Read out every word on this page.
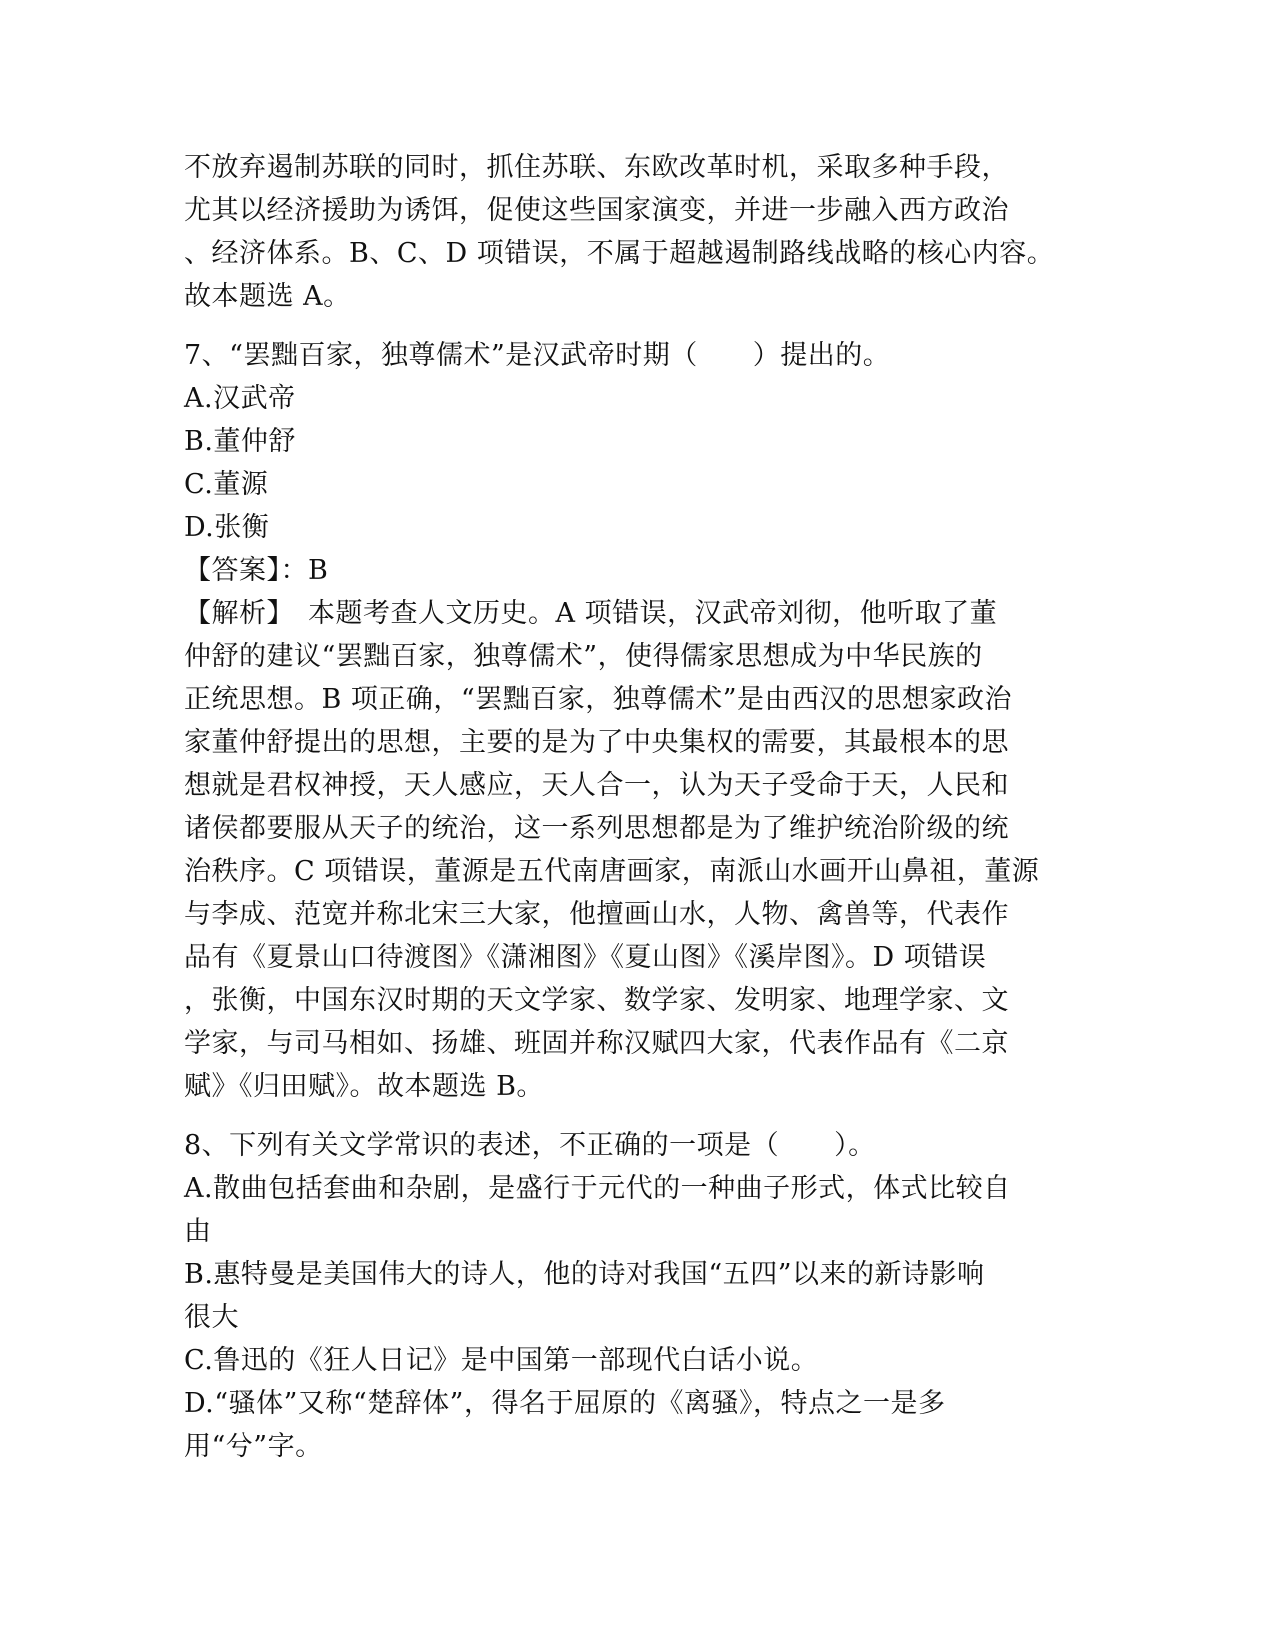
不放弃遏制苏联的同时，抓住苏联、东欧改革时机，采取多种手段，
尤其以经济援助为诱饵，促使这些国家演变，并进一步融入西方政治
、经济体系。B、C、D 项错误，不属于超越遏制路线战略的核心内容。
故本题选 A。
7、“罢黜百家，独尊儒术”是汉武帝时期（　　）提出的。
A.汉武帝
B.董仲舒
C.董源
D.张衡
【答案】：B
【解析】　本题考查人文历史。A 项错误，汉武帝刘彻，他听取了董
仲舒的建议“罢黜百家，独尊儒术”，使得儒家思想成为中华民族的
正统思想。B 项正确，“罢黜百家，独尊儒术”是由西汉的思想家政治
家董仲舒提出的思想，主要的是为了中央集权的需要，其最根本的思
想就是君权神授，天人感应，天人合一，认为天子受命于天，人民和
诸侯都要服从天子的统治，这一系列思想都是为了维护统治阶级的统
治秩序。C 项错误，董源是五代南唐画家，南派山水画开山鼻祖，董源
与李成、范宽并称北宋三大家，他擅画山水，人物、禽兽等，代表作
品有《夏景山口待渡图》《潇湘图》《夏山图》《溪岸图》。D 项错误
，张衡，中国东汉时期的天文学家、数学家、发明家、地理学家、文
学家，与司马相如、扬雄、班固并称汉赋四大家，代表作品有《二京
赋》《归田赋》。故本题选 B。
8、下列有关文学常识的表述，不正确的一项是（　　）。
A.散曲包括套曲和杂剧，是盛行于元代的一种曲子形式，体式比较自
由
B.惠特曼是美国伟大的诗人，他的诗对我国“五四”以来的新诗影响
很大
C.鲁迅的《狂人日记》是中国第一部现代白话小说。
D.“骚体”又称“楚辞体”，得名于屈原的《离骚》，特点之一是多
用“兮”字。
